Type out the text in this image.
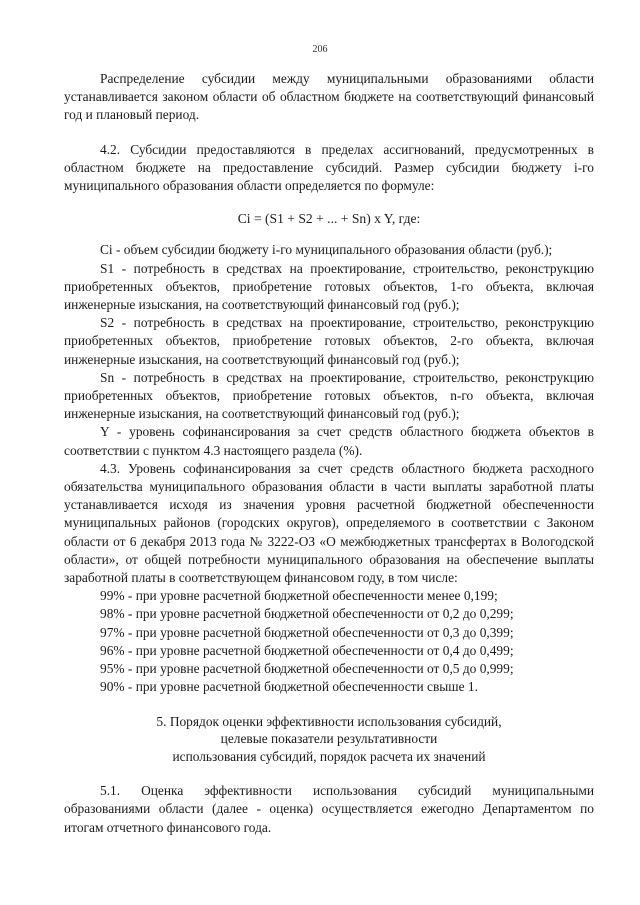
206

Распределение субсидии между муниципальными образованиями области устанавливается законом области об областном бюджете на соответствующий финансовый год и плановый период.

4.2. Субсидии предоставляются в пределах ассигнований, предусмотренных в областном бюджете на предоставление субсидий. Размер субсидии бюджету i-го муниципального образования области определяется по формуле:

Ci = (S1 + S2 + ... + Sn) x Y, где:

Ci - объем субсидии бюджету i-го муниципального образования области (руб.);

S1 - потребность в средствах на проектирование, строительство, реконструкцию приобретенных объектов, приобретение готовых объектов, 1-го объекта, включая инженерные изыскания, на соответствующий финансовый год (руб.);

S2 - потребность в средствах на проектирование, строительство, реконструкцию приобретенных объектов, приобретение готовых объектов, 2-го объекта, включая инженерные изыскания, на соответствующий финансовый год (руб.);

Sn - потребность в средствах на проектирование, строительство, реконструкцию приобретенных объектов, приобретение готовых объектов, n-го объекта, включая инженерные изыскания, на соответствующий финансовый год (руб.);

Y - уровень софинансирования за счет средств областного бюджета объектов в соответствии с пунктом 4.3 настоящего раздела (%).

4.3. Уровень софинансирования за счет средств областного бюджета расходного обязательства муниципального образования области в части выплаты заработной платы устанавливается исходя из значения уровня расчетной бюджетной обеспеченности муниципальных районов (городских округов), определяемого в соответствии с Законом области от 6 декабря 2013 года № 3222-ОЗ «О межбюджетных трансфертах в Вологодской области», от общей потребности муниципального образования на обеспечение выплаты заработной платы в соответствующем финансовом году, в том числе:

99% - при уровне расчетной бюджетной обеспеченности менее 0,199;

98% - при уровне расчетной бюджетной обеспеченности от 0,2 до 0,299;

97% - при уровне расчетной бюджетной обеспеченности от 0,3 до 0,399;

96% - при уровне расчетной бюджетной обеспеченности от 0,4 до 0,499;

95% - при уровне расчетной бюджетной обеспеченности от 0,5 до 0,999;

90% - при уровне расчетной бюджетной обеспеченности свыше 1.

5. Порядок оценки эффективности использования субсидий,
целевые показатели результативности
использования субсидий, порядок расчета их значений

5.1. Оценка эффективности использования субсидий муниципальными образованиями области (далее - оценка) осуществляется ежегодно Департаментом по итогам отчетного финансового года.
